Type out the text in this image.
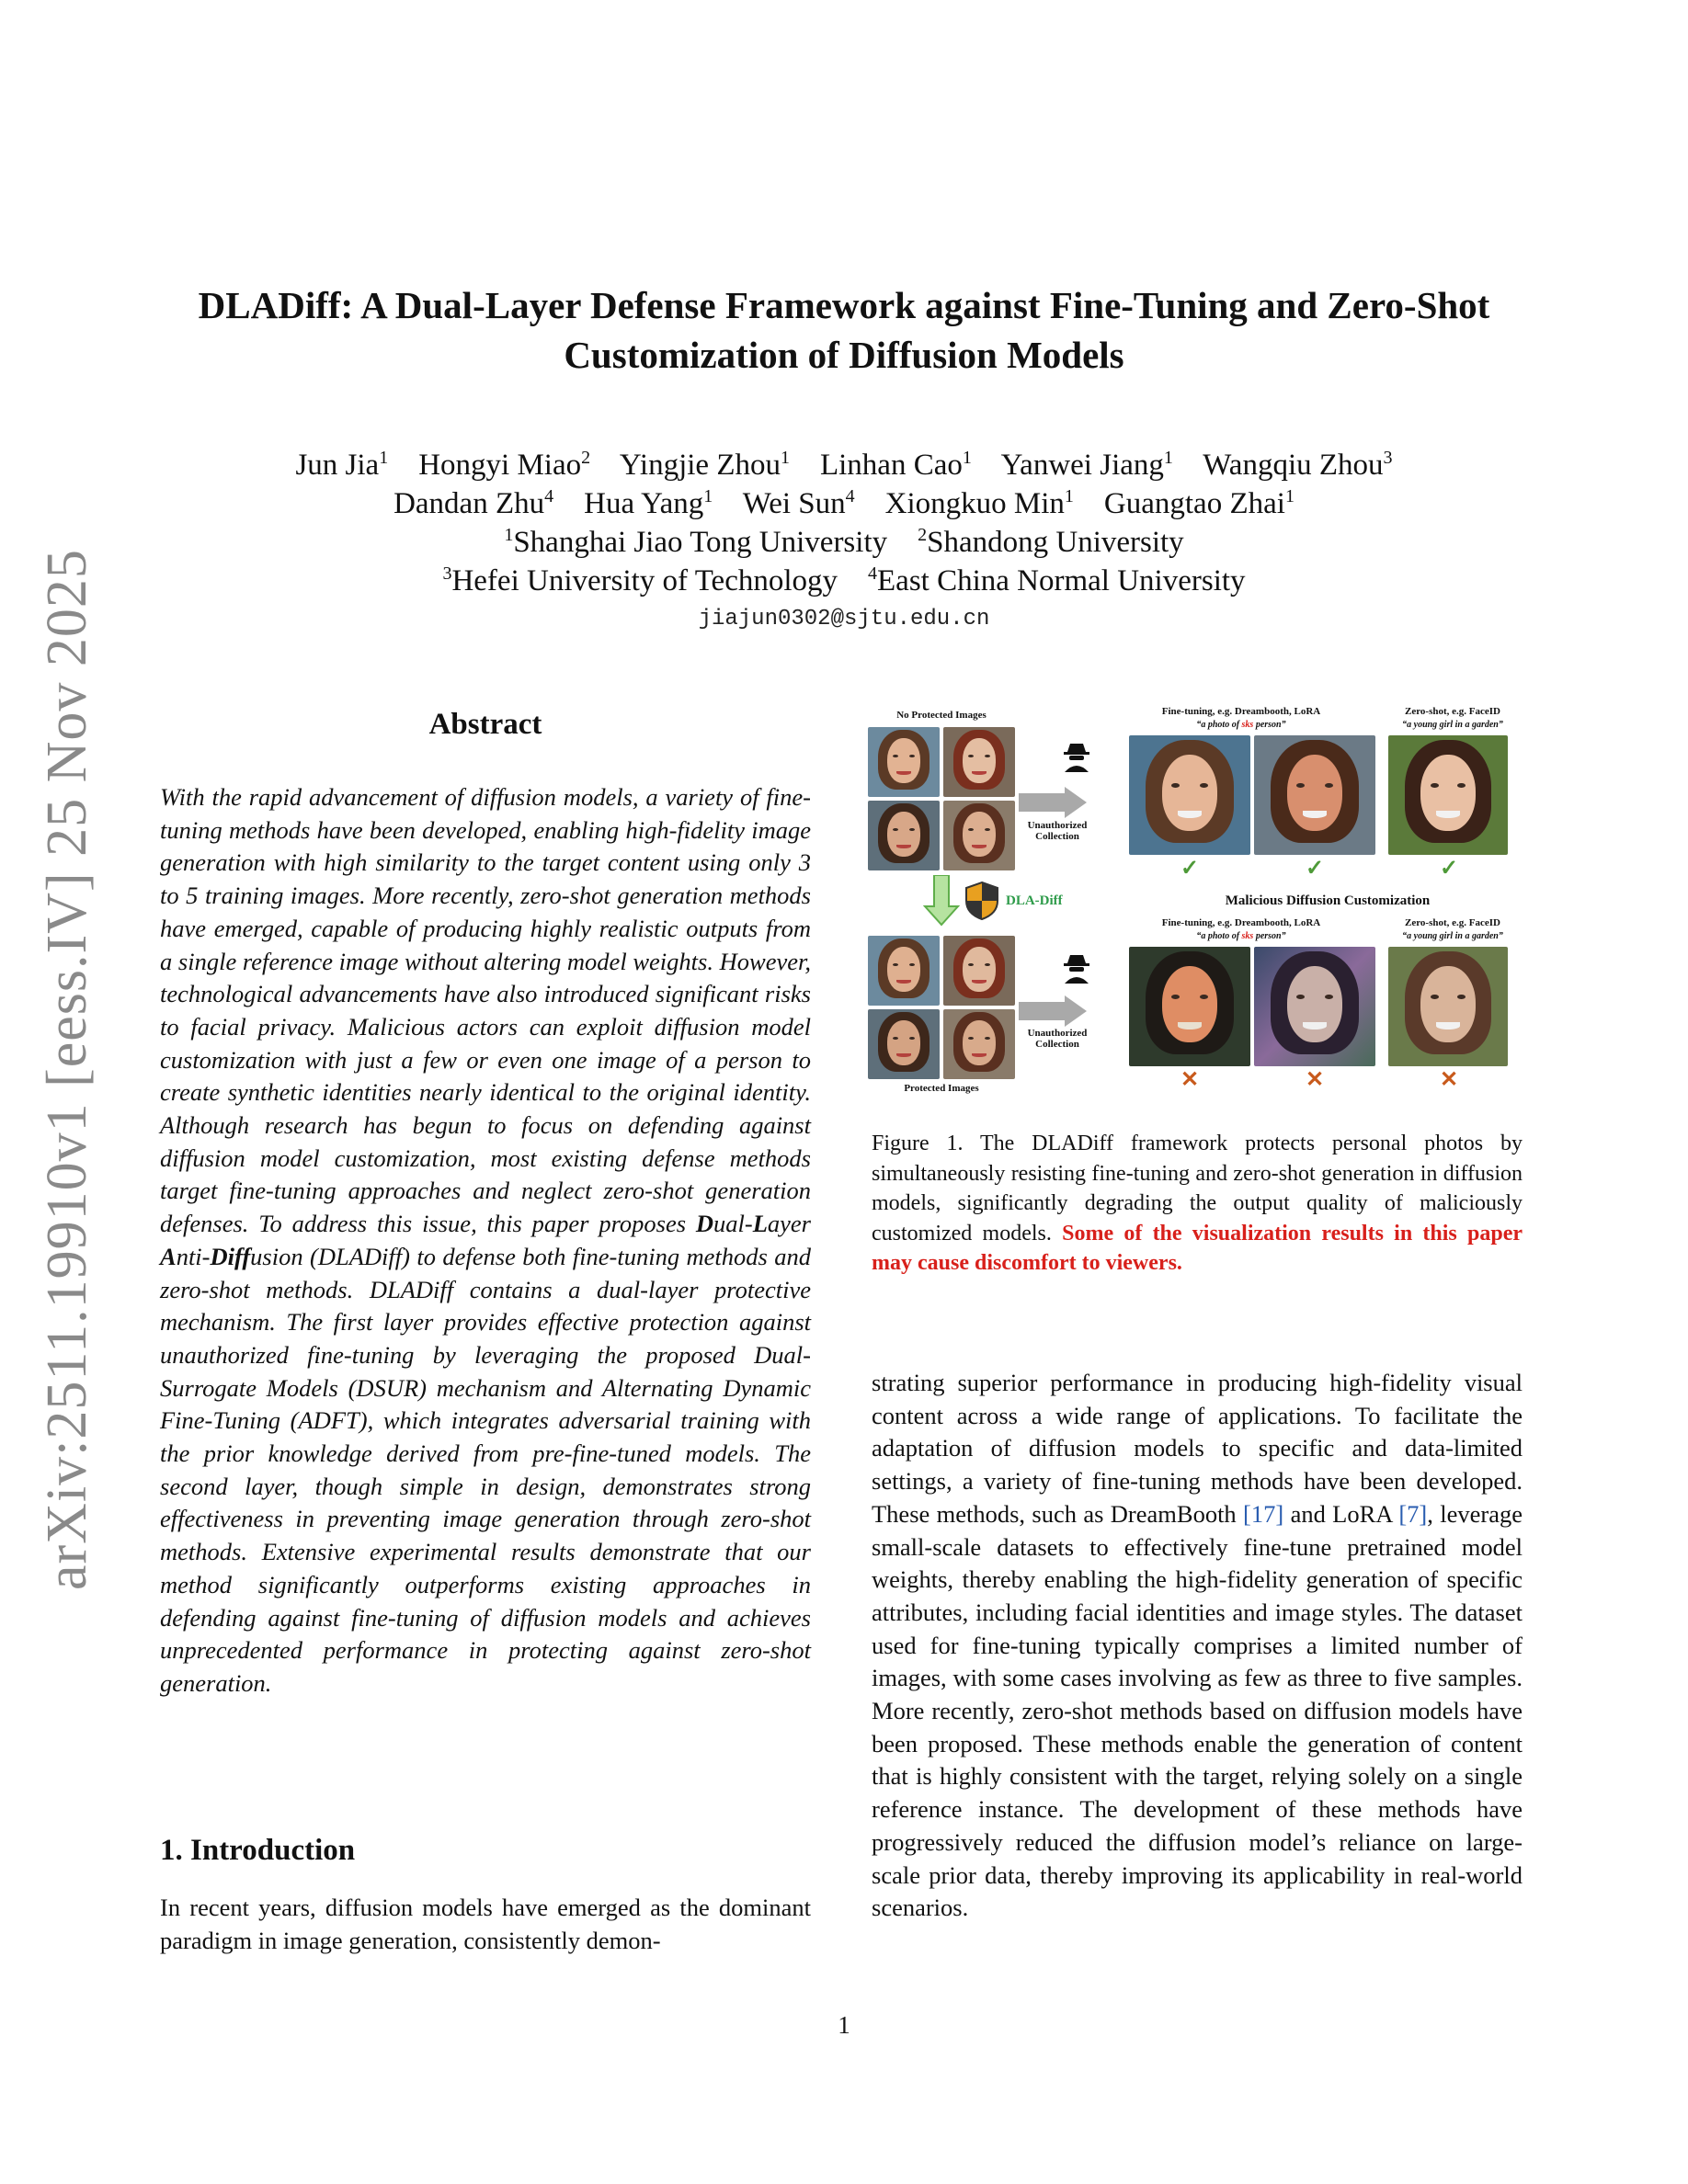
arXiv:2511.19910v1 [eess.IV] 25 Nov 2025
DLADiff: A Dual-Layer Defense Framework against Fine-Tuning and Zero-Shot
Customization of Diffusion Models
Jun Jia$^1$ Hongyi Miao$^2$ Yingjie Zhou$^1$ Linhan Cao$^1$ Yanwei Jiang$^1$ Wangqiu Zhou$^3$
Dandan Zhu$^4$ Hua Yang$^1$ Wei Sun$^4$ Xiongkuo Min$^1$ Guangtao Zhai$^1$
$^1$Shanghai Jiao Tong University $^2$Shandong University
$^3$Hefei University of Technology $^4$East China Normal University
jiajun0302@sjtu.edu.cn
Abstract
With the rapid advancement of diffusion models, a variety of fine-tuning methods have been developed, enabling high-fidelity image generation with high similarity to the target content using only 3 to 5 training images. More recently, zero-shot generation methods have emerged, capable of producing highly realistic outputs from a single reference image without altering model weights. However, technological advancements have also introduced significant risks to facial privacy. Malicious actors can exploit diffusion model customization with just a few or even one image of a person to create synthetic identities nearly identical to the original identity. Although research has begun to focus on defending against diffusion model customization, most existing defense methods target fine-tuning approaches and neglect zero-shot generation defenses. To address this issue, this paper proposes Dual-Layer Anti-Diffusion (DLADiff) to defense both fine-tuning methods and zero-shot methods. DLADiff contains a dual-layer protective mechanism. The first layer provides effective protection against unauthorized fine-tuning by leveraging the proposed Dual-Surrogate Models (DSUR) mechanism and Alternating Dynamic Fine-Tuning (ADFT), which integrates adversarial training with the prior knowledge derived from pre-fine-tuned models. The second layer, though simple in design, demonstrates strong effectiveness in preventing image generation through zero-shot methods. Extensive experimental results demonstrate that our method significantly outperforms existing approaches in defending against fine-tuning of diffusion models and achieves unprecedented performance in protecting against zero-shot generation.
1. Introduction
In recent years, diffusion models have emerged as the dominant paradigm in image generation, consistently demon-
strating superior performance in producing high-fidelity visual content across a wide range of applications. To facilitate the adaptation of diffusion models to specific and data-limited settings, a variety of fine-tuning methods have been developed. These methods, such as DreamBooth [17] and LoRA [7], leverage small-scale datasets to effectively fine-tune pretrained model weights, thereby enabling the high-fidelity generation of specific attributes, including facial identities and image styles. The dataset used for fine-tuning typically comprises a limited number of images, with some cases involving as few as three to five samples. More recently, zero-shot methods based on diffusion models have been proposed. These methods enable the generation of content that is highly consistent with the target, relying solely on a single reference instance. The development of these methods have progressively reduced the diffusion model’s reliance on large-scale prior data, thereby improving its applicability in real-world scenarios.
No Protected Images
Unauthorized Collection
Fine-tuning, e.g. Dreambooth, LoRA
“a photo of sks person”
Zero-shot, e.g. FaceID
“a young girl in a garden”
✓	✓	✓
DLA-Diff	Malicious Diffusion Customization
Protected Images
Unauthorized Collection
Fine-tuning, e.g. Dreambooth, LoRA
“a photo of sks person”
Zero-shot, e.g. FaceID
“a young girl in a garden”
✕	✕	✕
Figure 1. The DLADiff framework protects personal photos by simultaneously resisting fine-tuning and zero-shot generation in diffusion models, significantly degrading the output quality of maliciously customized models. Some of the visualization results in this paper may cause discomfort to viewers.
1
